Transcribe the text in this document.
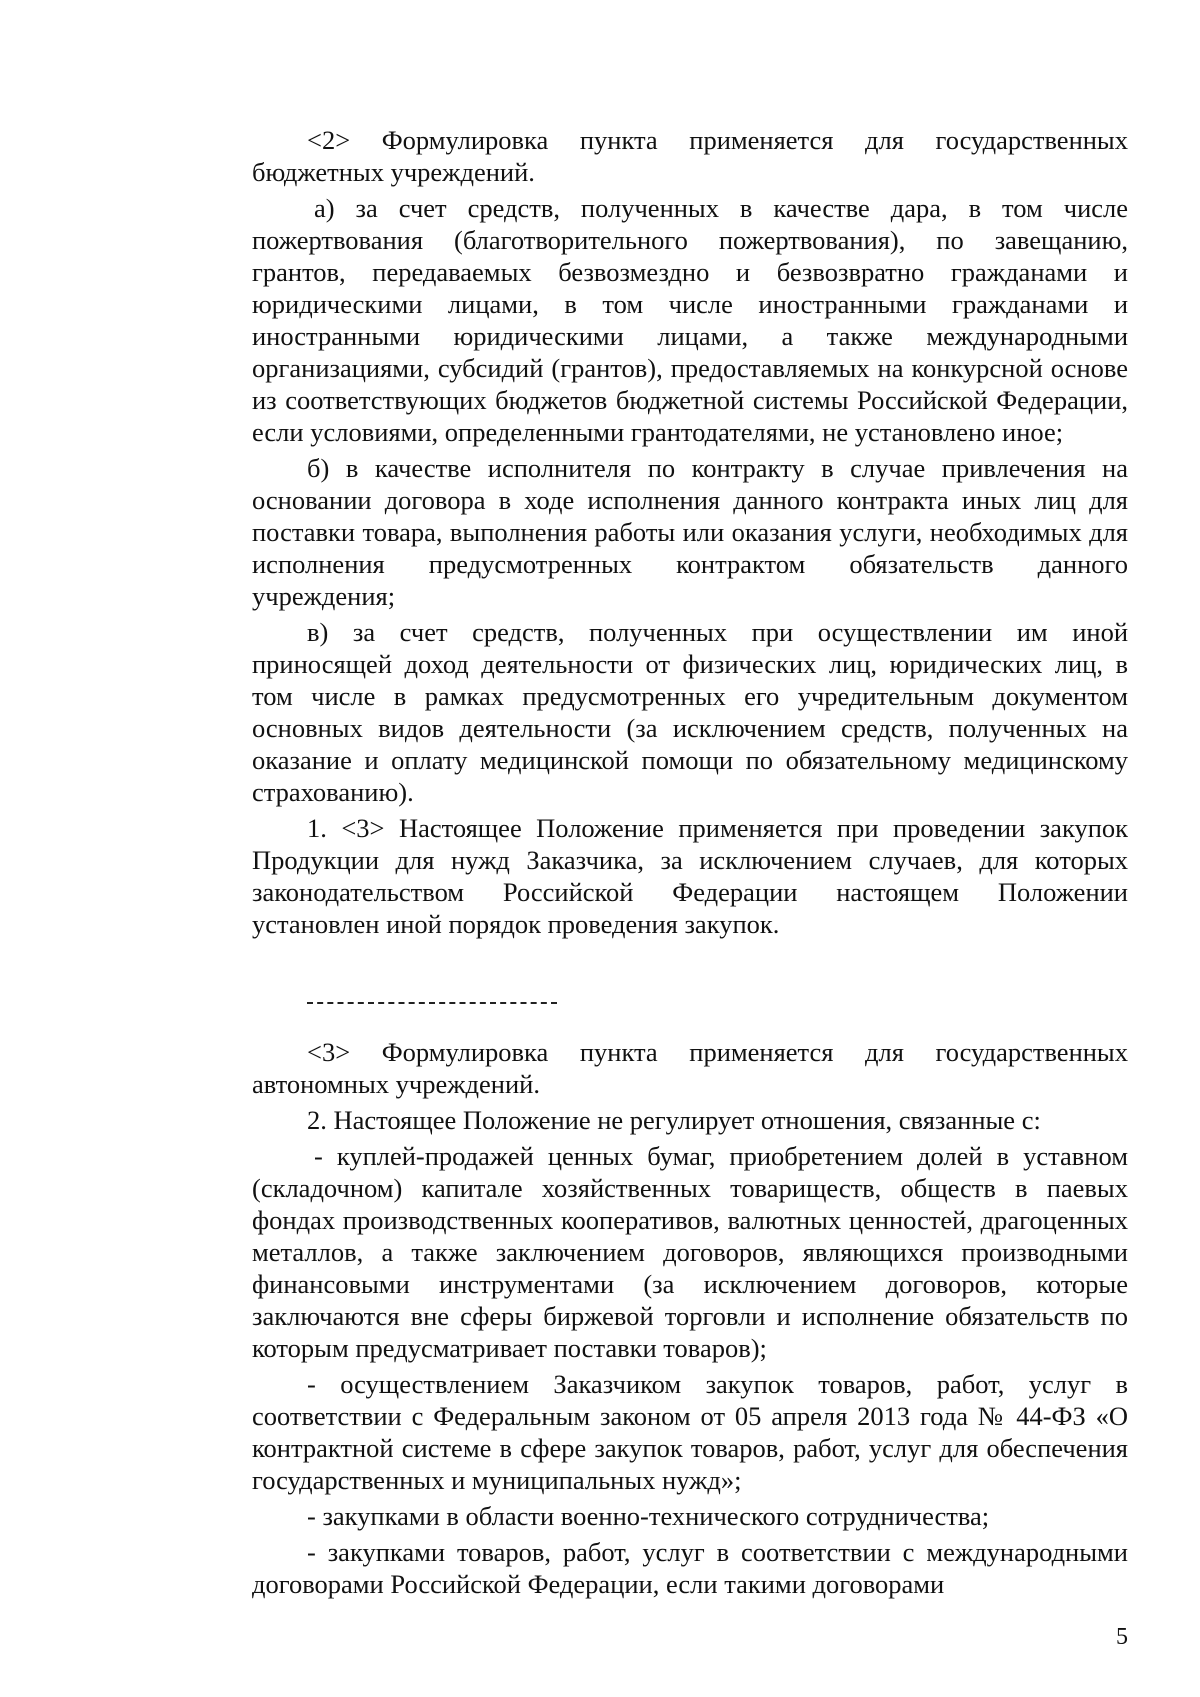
<2> Формулировка пункта применяется для государственных бюджетных учреждений.

а) за счет средств, полученных в качестве дара, в том числе пожертвования (благотворительного пожертвования), по завещанию, грантов, передаваемых безвозмездно и безвозвратно гражданами и юридическими лицами, в том числе иностранными гражданами и иностранными юридическими лицами, а также международными организациями, субсидий (грантов), предоставляемых на конкурсной основе из соответствующих бюджетов бюджетной системы Российской Федерации, если условиями, определенными грантодателями, не установлено иное;

б) в качестве исполнителя по контракту в случае привлечения на основании договора в ходе исполнения данного контракта иных лиц для поставки товара, выполнения работы или оказания услуги, необходимых для исполнения предусмотренных контрактом обязательств данного учреждения;

в) за счет средств, полученных при осуществлении им иной приносящей доход деятельности от физических лиц, юридических лиц, в том числе в рамках предусмотренных его учредительным документом основных видов деятельности (за исключением средств, полученных на оказание и оплату медицинской помощи по обязательному медицинскому страхованию).

1. <3> Настоящее Положение применяется при проведении закупок Продукции для нужд Заказчика, за исключением случаев, для которых законодательством Российской Федерации настоящем Положении установлен иной порядок проведения закупок.

<3> Формулировка пункта применяется для государственных автономных учреждений.

2. Настоящее Положение не регулирует отношения, связанные с:

- куплей-продажей ценных бумаг, приобретением долей в уставном (складочном) капитале хозяйственных товариществ, обществ в паевых фондах производственных кооперативов, валютных ценностей, драгоценных металлов, а также заключением договоров, являющихся производными финансовыми инструментами (за исключением договоров, которые заключаются вне сферы биржевой торговли и исполнение обязательств по которым предусматривает поставки товаров);

- осуществлением Заказчиком закупок товаров, работ, услуг в соответствии с Федеральным законом от 05 апреля 2013 года № 44-ФЗ «О контрактной системе в сфере закупок товаров, работ, услуг для обеспечения государственных и муниципальных нужд»;

- закупками в области военно-технического сотрудничества;

- закупками товаров, работ, услуг в соответствии с международными договорами Российской Федерации, если такими договорами

5
